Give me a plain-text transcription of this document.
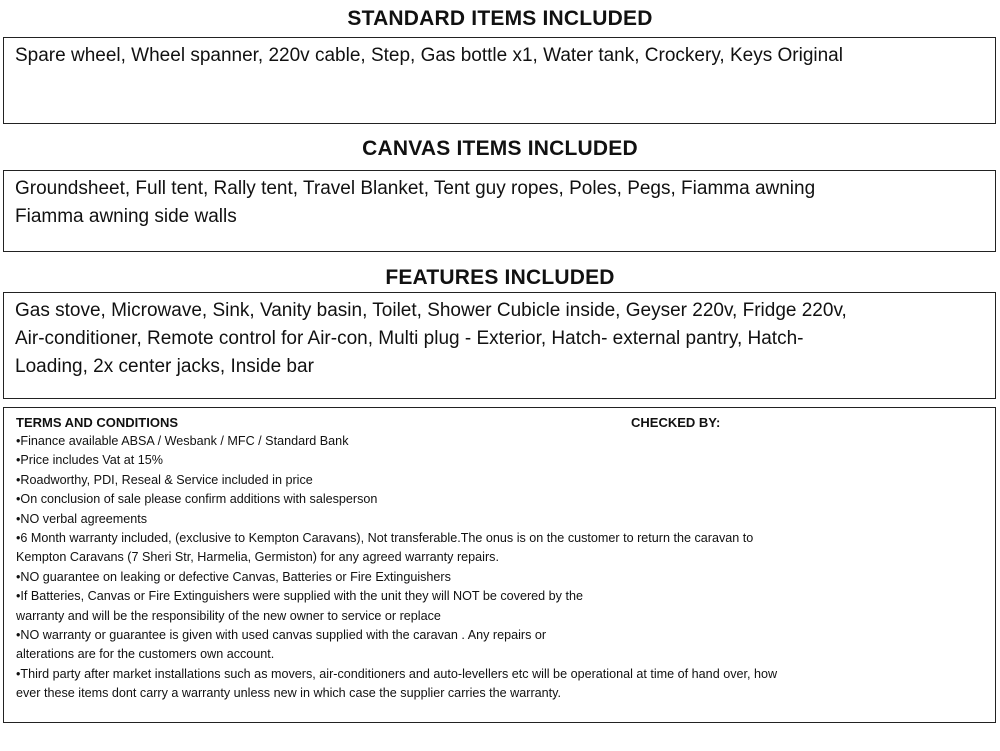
STANDARD ITEMS INCLUDED
Spare wheel, Wheel spanner, 220v cable, Step, Gas bottle x1, Water tank, Crockery, Keys Original
CANVAS ITEMS INCLUDED
Groundsheet, Full tent, Rally tent, Travel Blanket, Tent guy ropes, Poles, Pegs, Fiamma awning
Fiamma awning side walls
FEATURES INCLUDED
Gas stove, Microwave, Sink, Vanity basin, Toilet, Shower Cubicle inside, Geyser 220v, Fridge 220v,
Air-conditioner, Remote control for Air-con, Multi plug - Exterior, Hatch- external pantry, Hatch-
Loading, 2x center jacks, Inside bar
TERMS AND CONDITIONS	CHECKED BY:
•Finance available ABSA / Wesbank / MFC / Standard Bank
•Price includes Vat at 15%
•Roadworthy, PDI, Reseal & Service included in price
•On conclusion of sale please confirm additions with salesperson
•NO verbal agreements
•6 Month warranty included, (exclusive to Kempton Caravans), Not transferable.The onus is on the customer to return the caravan to
Kempton Caravans (7 Sheri Str, Harmelia, Germiston) for any agreed warranty repairs.
•NO guarantee on leaking or defective Canvas, Batteries or Fire Extinguishers
•If Batteries, Canvas or Fire Extinguishers were supplied with the unit they will NOT be covered by the
warranty and will be the responsibility of the new owner to service or replace
•NO warranty or guarantee is given with used canvas supplied with the caravan . Any repairs or
alterations are for the customers own account.
•Third party after market installations such as movers, air-conditioners and auto-levellers etc will be operational at time of hand over, how
ever these items dont carry a warranty unless new in which case the supplier carries the warranty.
